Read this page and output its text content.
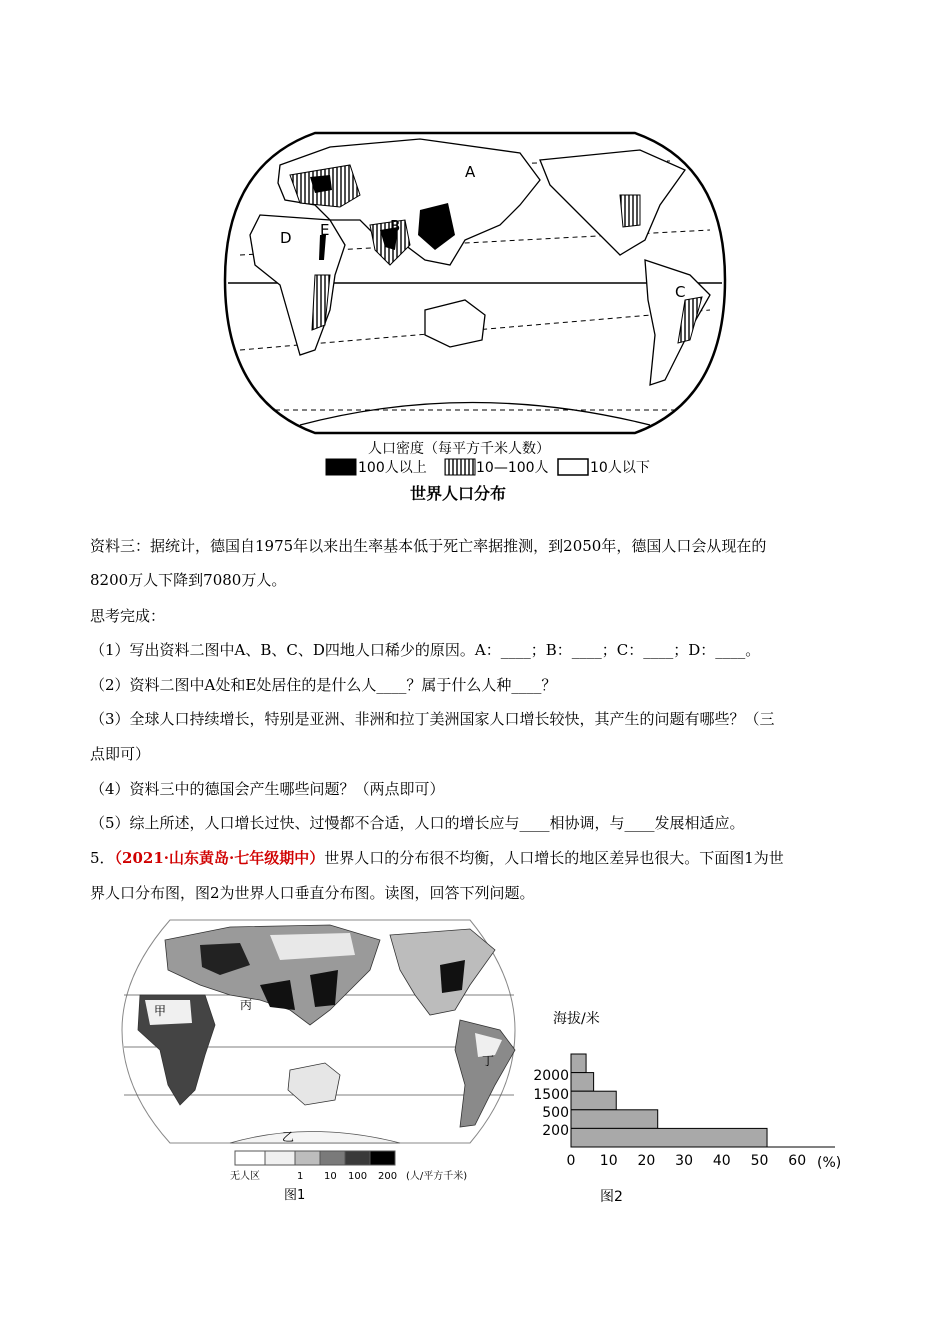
A
B
C
D E
人口密度（每平方千米人数）
100人以上	10—100人	10人以下
世界人口分布
资料三：据统计，德国自1975年以来出生率基本低于死亡率据推测，到2050年，德国人口会从现在的
8200万人下降到7080万人。
思考完成：
（1）写出资料二图中A、B、C、D四地人口稀少的原因。A：____；B：____；C：____；D：____。
（2）资料二图中A处和E处居住的是什么人____？属于什么人种____？
（3）全球人口持续增长，特别是亚洲、非洲和拉丁美洲国家人口增长较快，其产生的问题有哪些？（三
点即可）
（4）资料三中的德国会产生哪些问题？（两点即可）
（5）综上所述，人口增长过快、过慢都不合适，人口的增长应与____相协调，与____发展相适应。
5．（2021·山东黄岛·七年级期中）世界人口的分布很不均衡，人口增长的地区差异也很大。下面图1为世
界人口分布图，图2为世界人口垂直分布图。读图，回答下列问题。
甲	丙
丁
乙
无人区	1 10 100 200 (人/平方千米)
图1
海拔/米
2000
1500
500
200
0 10 20 30 40 50 60 (%)
图2
